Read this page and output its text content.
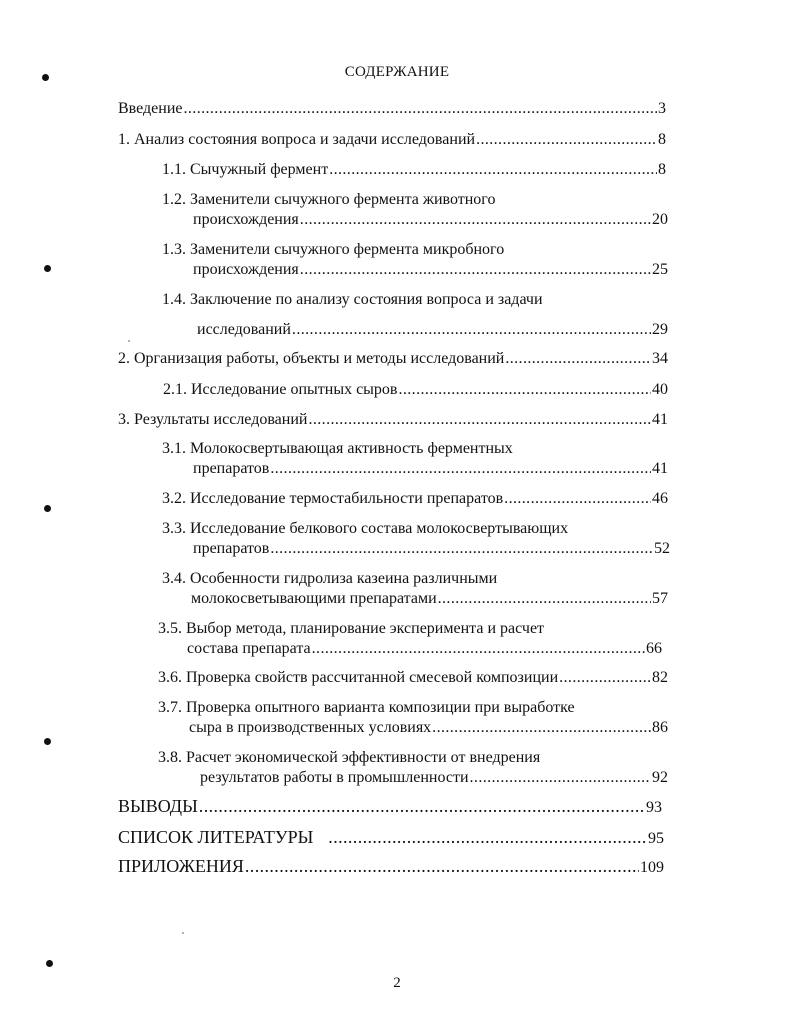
СОДЕРЖАНИЕ
Введение .....	3
1. Анализ состояния вопроса и задачи исследований .....	8
1.1. Сычужный фермент .....	8
1.2. Заменители сычужного фермента животного
происхождения .....	20
1.3. Заменители сычужного фермента микробного
происхождения .....	25
1.4. Заключение по анализу состояния вопроса и задачи
исследований .....	29
2. Организация работы, объекты и методы исследований .....	34
2.1. Исследование опытных сыров .....	40
3. Результаты исследований .....	41
3.1. Молокосвертывающая активность ферментных
препаратов .....	41
3.2. Исследование термостабильности препаратов .....	46
3.3. Исследование белкового состава молокосвертывающих
препаратов .....	52
3.4. Особенности гидролиза казеина различными
молокосветывающими препаратами .....	57
3.5. Выбор метода, планирование эксперимента и расчет
состава препарата .....	66
3.6. Проверка свойств рассчитанной смесевой композиции .....	82
3.7. Проверка опытного варианта композиции при выработке
сыра в производственных условиях .....	86
3.8. Расчет экономической эффективности от внедрения
результатов работы в промышленности .....	92
ВЫВОДЫ .....	93
СПИСОК ЛИТЕРАТУРЫ .....	95
ПРИЛОЖЕНИЯ .....	109
2
